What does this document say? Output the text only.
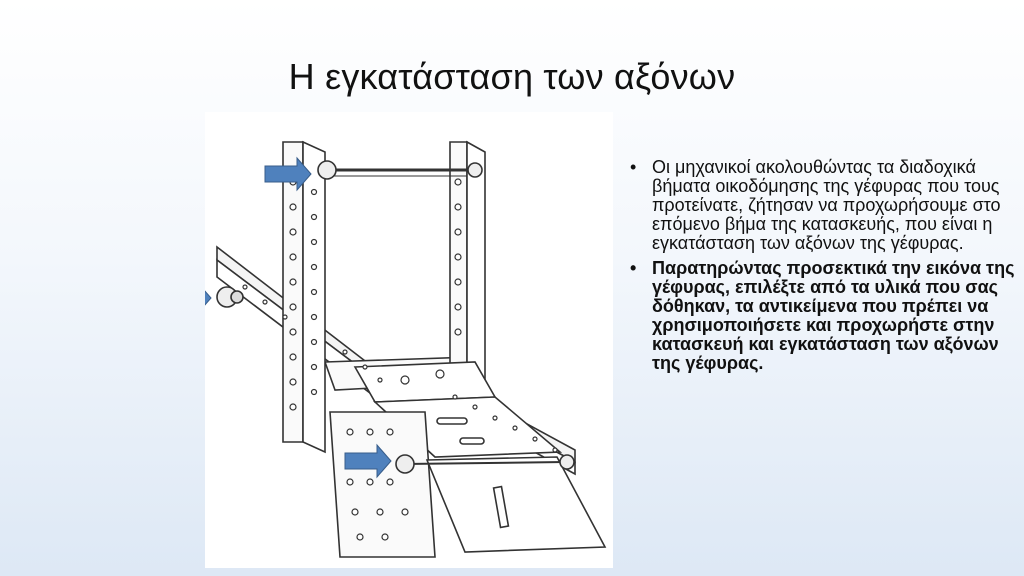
Η εγκατάσταση των αξόνων
• Οι μηχανικοί ακολουθώντας τα διαδοχικά βήματα οικοδόμησης της γέφυρας που τους προτείνατε, ζήτησαν να προχωρήσουμε στο επόμενο βήμα της κατασκευής, που είναι η εγκατάσταση των αξόνων της γέφυρας.
• Παρατηρώντας προσεκτικά την εικόνα της γέφυρας, επιλέξτε από τα υλικά που σας δόθηκαν, τα αντικείμενα που πρέπει να χρησιμοποιήσετε και προχωρήστε στην κατασκευή και εγκατάσταση των αξόνων της γέφυρας.
